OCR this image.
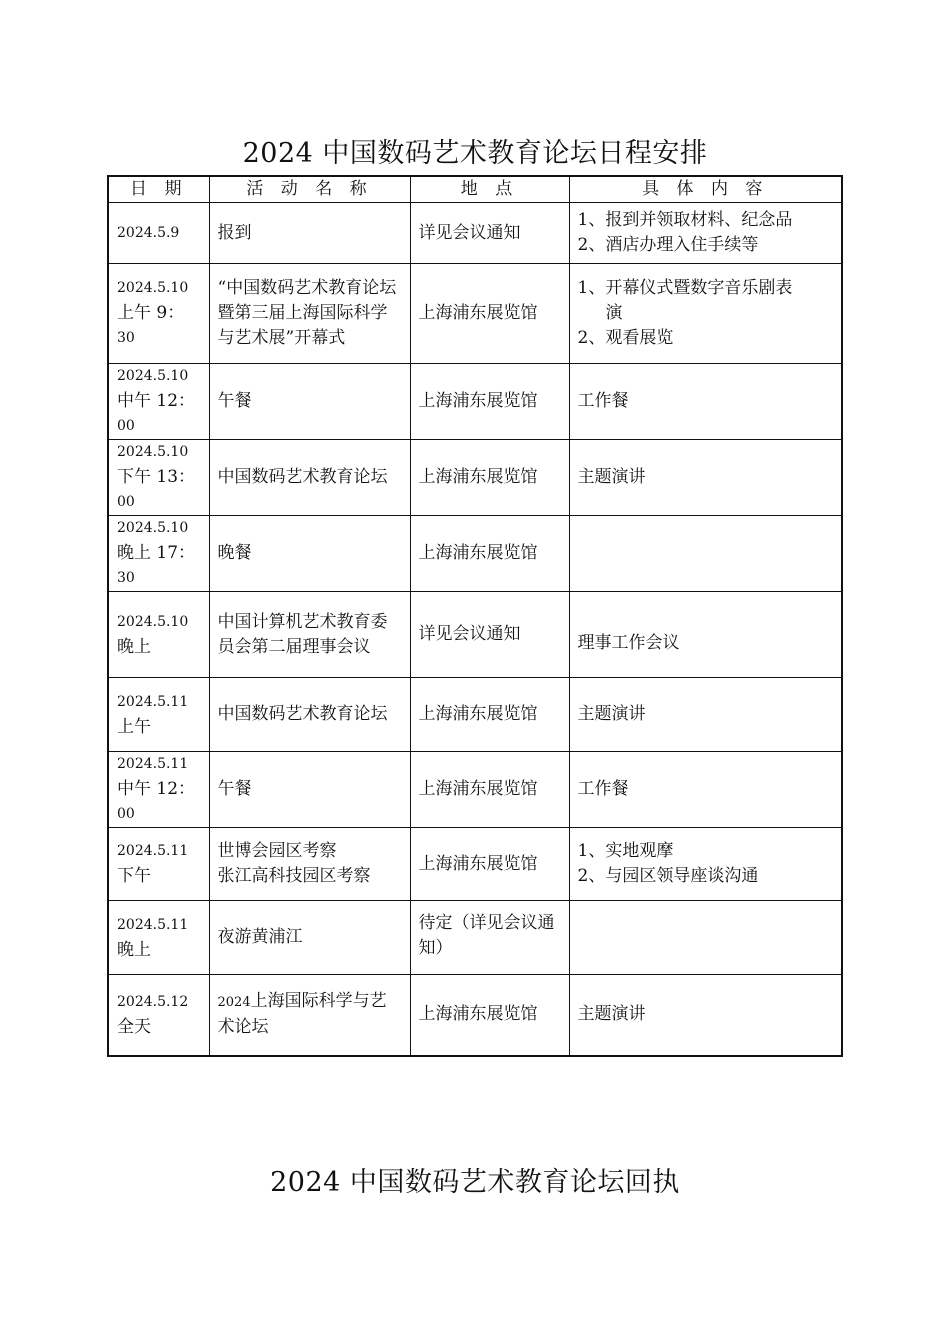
2024 中国数码艺术教育论坛日程安排
日 期	活 动 名 称	地 点	具 体 内 容

2024.5.9	报到	详见会议通知	1、报到并领取材料、纪念品
2、酒店办理入住手续等

2024.5.10
上午 9：
30	“中国数码艺术教育论坛暨第三届上海国际科学与艺术展”开幕式	上海浦东展览馆	1、开幕仪式暨数字音乐剧表
演
2、观看展览

2024.5.10
中午 12：
00	午餐	上海浦东展览馆	工作餐

2024.5.10
下午 13：
00	中国数码艺术教育论坛	上海浦东展览馆	主题演讲

2024.5.10
晚上 17：
30	晚餐	上海浦东展览馆	

2024.5.10
晚上	中国计算机艺术教育委员会第二届理事会议	详见会议通知	理事工作会议

2024.5.11
上午	中国数码艺术教育论坛	上海浦东展览馆	主题演讲

2024.5.11
中午 12：
00	午餐	上海浦东展览馆	工作餐

2024.5.11
下午	世博会园区考察
张江高科技园区考察	上海浦东展览馆	1、实地观摩
2、与园区领导座谈沟通

2024.5.11
晚上	夜游黄浦江	待定（详见会议通知）	

2024.5.12
全天	2024上海国际科学与艺术论坛	上海浦东展览馆	主题演讲
2024 中国数码艺术教育论坛回执
